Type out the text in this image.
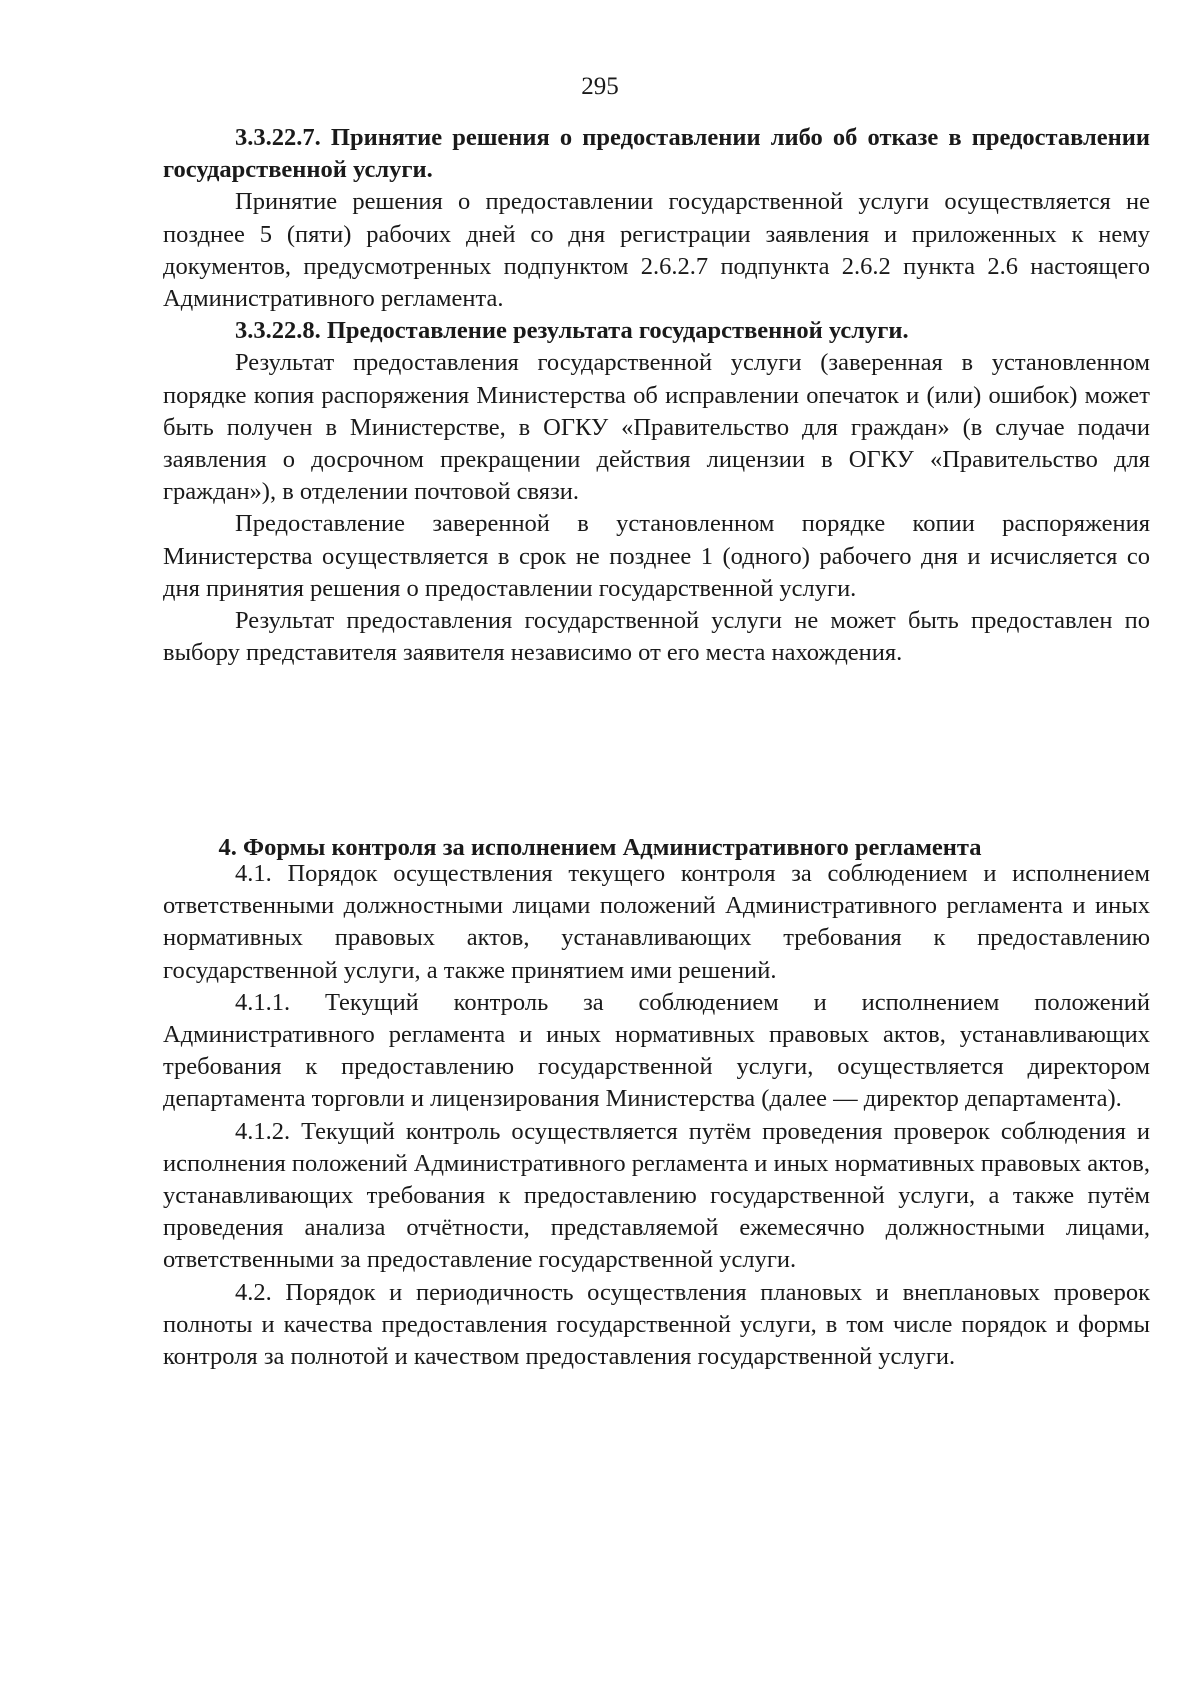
295

3.3.22.7. Принятие решения о предоставлении либо об отказе в предоставлении государственной услуги.

Принятие решения о предоставлении государственной услуги осуществляется не позднее 5 (пяти) рабочих дней со дня регистрации заявления и приложенных к нему документов, предусмотренных подпунктом 2.6.2.7 подпункта 2.6.2 пункта 2.6 настоящего Административного регламента.

3.3.22.8. Предоставление результата государственной услуги.

Результат предоставления государственной услуги (заверенная в установленном порядке копия распоряжения Министерства об исправлении опечаток и (или) ошибок) может быть получен в Министерстве, в ОГКУ «Правительство для граждан» (в случае подачи заявления о досрочном прекращении действия лицензии в ОГКУ «Правительство для граждан»), в отделении почтовой связи.

Предоставление заверенной в установленном порядке копии распоряжения Министерства осуществляется в срок не позднее 1 (одного) рабочего дня и исчисляется со дня принятия решения о предоставлении государственной услуги.

Результат предоставления государственной услуги не может быть предоставлен по выбору представителя заявителя независимо от его места нахождения.

4. Формы контроля за исполнением Административного регламента

4.1. Порядок осуществления текущего контроля за соблюдением и исполнением ответственными должностными лицами положений Административного регламента и иных нормативных правовых актов, устанавливающих требования к предоставлению государственной услуги, а также принятием ими решений.

4.1.1. Текущий контроль за соблюдением и исполнением положений Административного регламента и иных нормативных правовых актов, устанавливающих требования к предоставлению государственной услуги, осуществляется директором департамента торговли и лицензирования Министерства (далее — директор департамента).

4.1.2. Текущий контроль осуществляется путём проведения проверок соблюдения и исполнения положений Административного регламента и иных нормативных правовых актов, устанавливающих требования к предоставлению государственной услуги, а также путём проведения анализа отчётности, представляемой ежемесячно должностными лицами, ответственными за предоставление государственной услуги.

4.2. Порядок и периодичность осуществления плановых и внеплановых проверок полноты и качества предоставления государственной услуги, в том числе порядок и формы контроля за полнотой и качеством предоставления государственной услуги.
